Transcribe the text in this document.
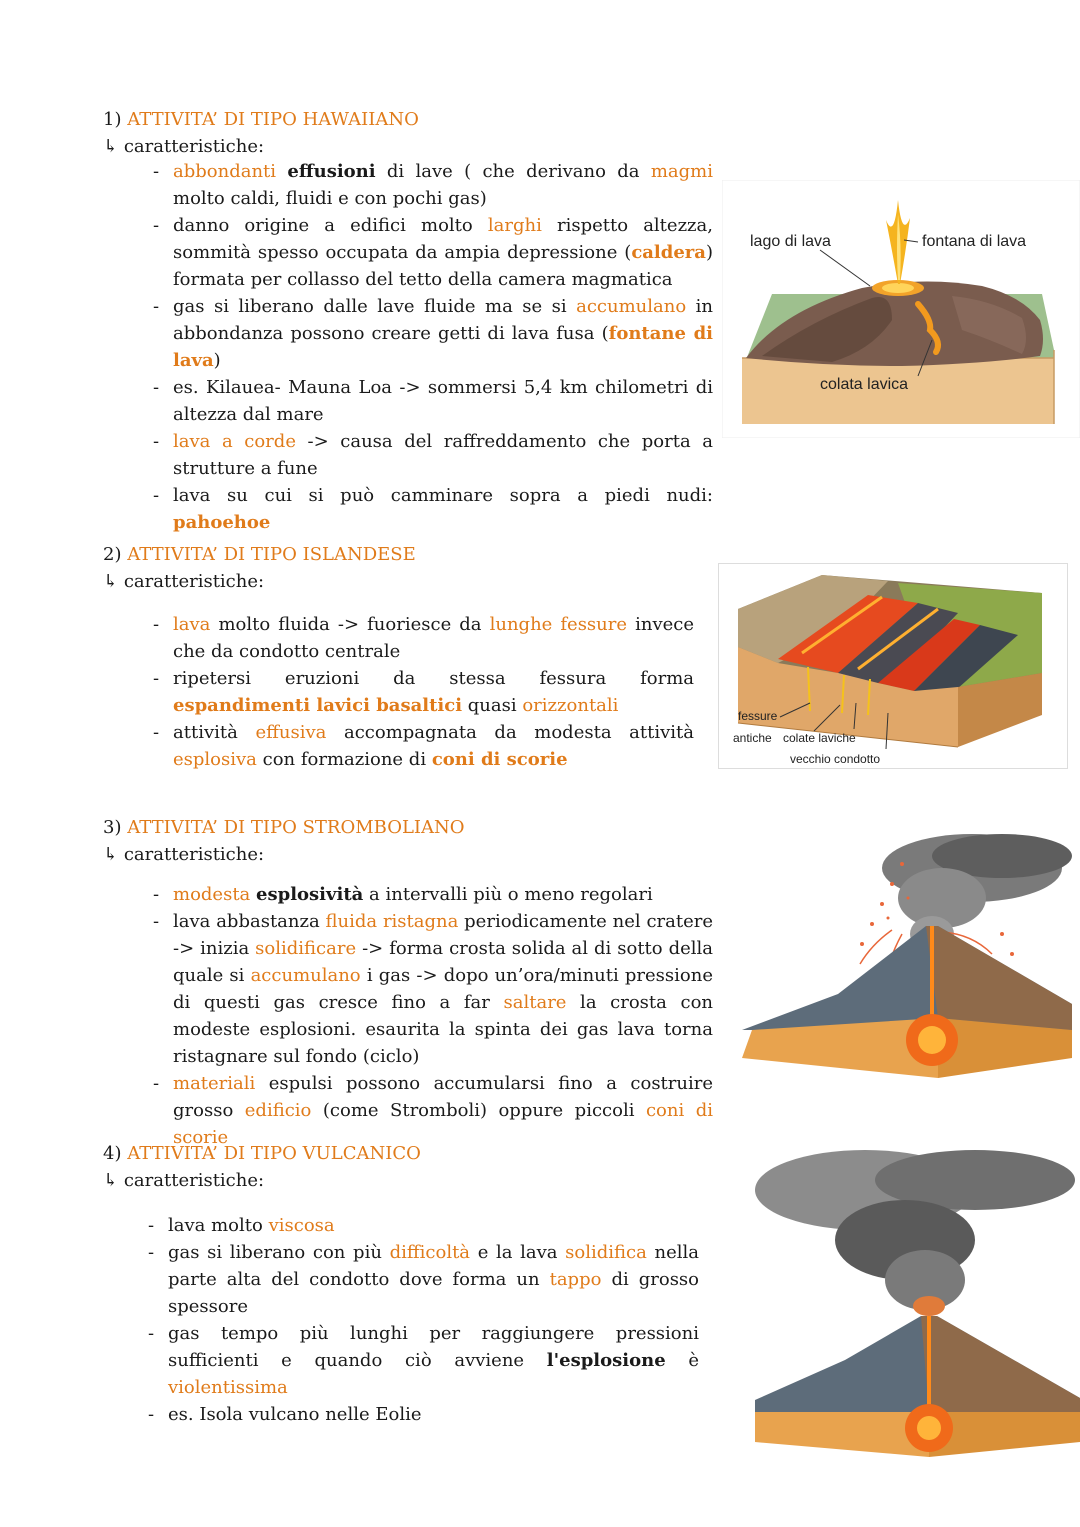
1) ATTIVITA’ DI TIPO HAWAIIANO
↳ caratteristiche:
- abbondanti effusioni di lave ( che derivano da magmi molto caldi, fluidi e con pochi gas)
- danno origine a edifici molto larghi rispetto altezza, sommità spesso occupata da ampia depressione (caldera) formata per collasso del tetto della camera magmatica
- gas si liberano dalle lave fluide ma se si accumulano in abbondanza possono creare getti di lava fusa (fontane di lava)
- es. Kilauea- Mauna Loa -> sommersi 5,4 km chilometri di altezza dal mare
- lava a corde -> causa del raffreddamento che porta a strutture a fune
- lava su cui si può camminare sopra a piedi nudi: pahoehoe
2) ATTIVITA’ DI TIPO ISLANDESE
↳ caratteristiche:
- lava molto fluida -> fuoriesce da lunghe fessure invece che da condotto centrale
- ripetersi eruzioni da stessa fessura forma espandimenti lavici basaltici quasi orizzontali
- attività effusiva accompagnata da modesta attività esplosiva con formazione di coni di scorie
3) ATTIVITA’ DI TIPO STROMBOLIANO
↳ caratteristiche:
- modesta esplosività a intervalli più o meno regolari
- lava abbastanza fluida ristagna periodicamente nel cratere -> inizia solidificare -> forma crosta solida al di sotto della quale si accumulano i gas -> dopo un’ora/minuti pressione di questi gas cresce fino a far saltare la crosta con modeste esplosioni. esaurita la spinta dei gas lava torna ristagnare sul fondo (ciclo)
- materiali espulsi possono accumularsi fino a costruire grosso edificio (come Stromboli) oppure piccoli coni di scorie
4) ATTIVITA’ DI TIPO VULCANICO
↳ caratteristiche:
- lava molto viscosa
- gas si liberano con più difficoltà e la lava solidifica nella parte alta del condotto dove forma un tappo di grosso spessore
- gas tempo più lunghi per raggiungere pressioni sufficienti e quando ciò avviene l'esplosione è violentissima
- es. Isola vulcano nelle Eolie
lago di lava	fontana di lava
colata lavica
fessure
antiche colate laviche
vecchio condotto
